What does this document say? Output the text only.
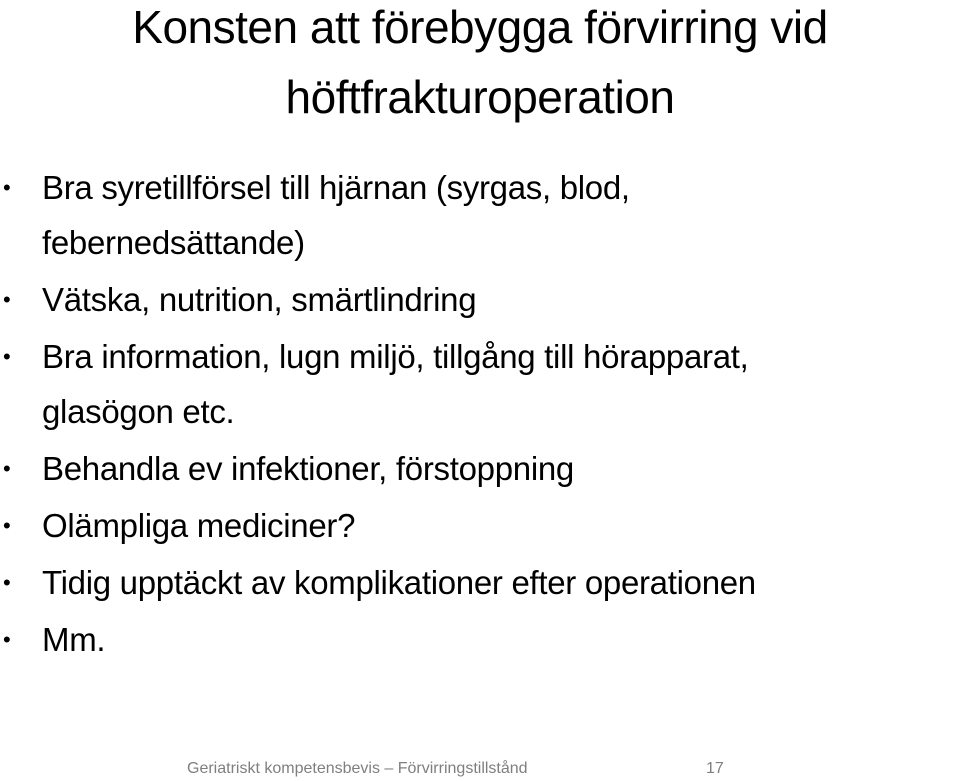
Konsten att förebygga förvirring vid
höftfrakturoperation
• Bra syretillförsel till hjärnan (syrgas, blod,
febernedsättande)
• Vätska, nutrition, smärtlindring
• Bra information, lugn miljö, tillgång till hörapparat,
glasögon etc.
• Behandla ev infektioner, förstoppning
• Olämpliga mediciner?
• Tidig upptäckt av komplikationer efter operationen
• Mm.
Geriatriskt kompetensbevis – Förvirringstillstånd	17
